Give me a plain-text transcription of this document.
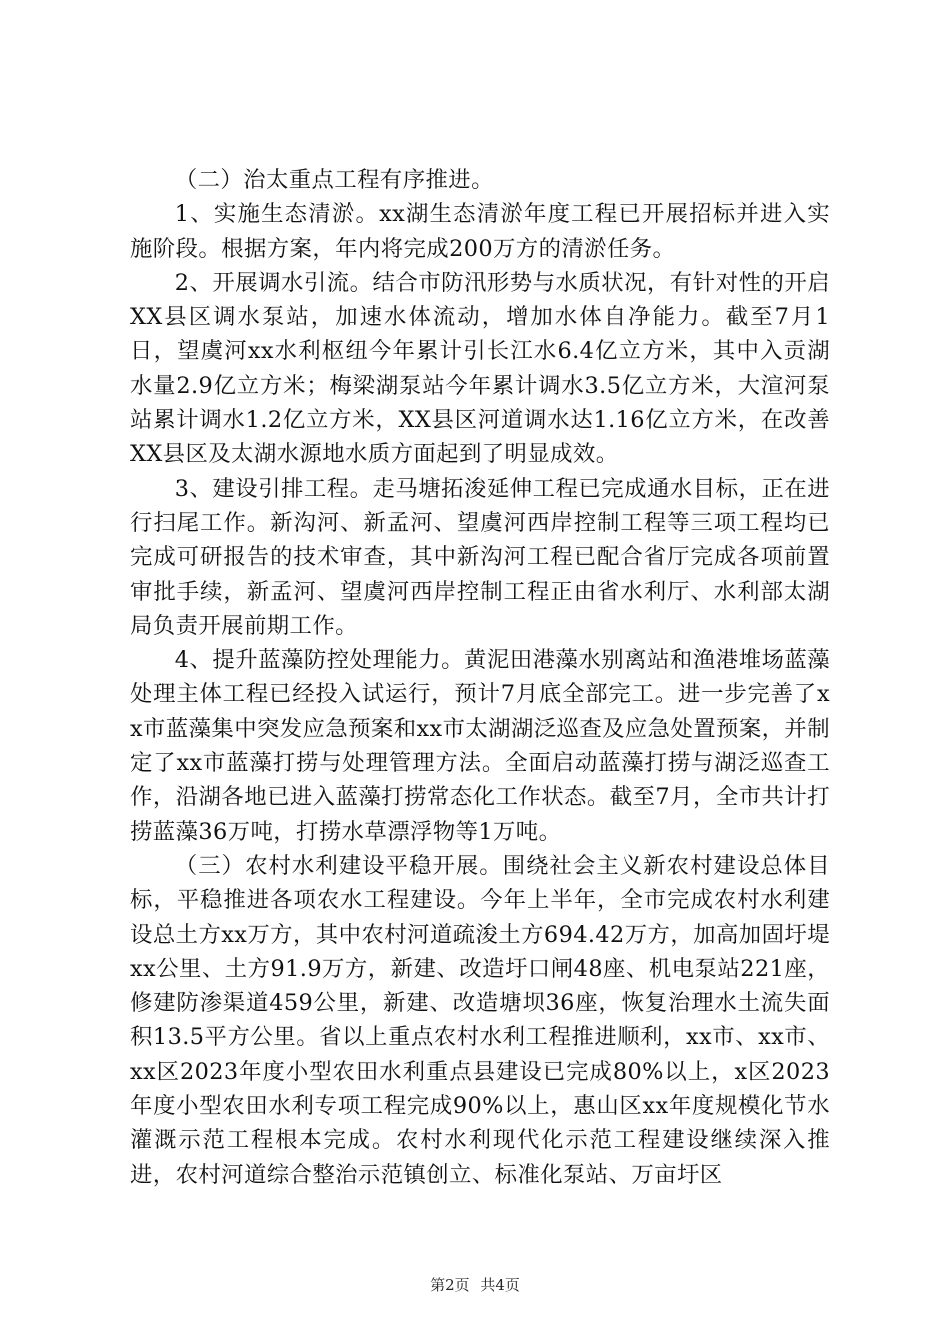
（二）治太重点工程有序推进。

1、实施生态清淤。xx湖生态清淤年度工程已开展招标并进入实施阶段。根据方案，年内将完成200万方的清淤任务。

2、开展调水引流。结合市防汛形势与水质状况，有针对性的开启XX县区调水泵站，加速水体流动，增加水体自净能力。截至7月1日，望虞河xx水利枢纽今年累计引长江水6.4亿立方米，其中入贡湖水量2.9亿立方米；梅梁湖泵站今年累计调水3.5亿立方米，大渲河泵站累计调水1.2亿立方米，XX县区河道调水达1.16亿立方米，在改善XX县区及太湖水源地水质方面起到了明显成效。

3、建设引排工程。走马塘拓浚延伸工程已完成通水目标，正在进行扫尾工作。新沟河、新孟河、望虞河西岸控制工程等三项工程均已完成可研报告的技术审查，其中新沟河工程已配合省厅完成各项前置审批手续，新孟河、望虞河西岸控制工程正由省水利厅、水利部太湖局负责开展前期工作。

4、提升蓝藻防控处理能力。黄泥田港藻水别离站和渔港堆场蓝藻处理主体工程已经投入试运行，预计7月底全部完工。进一步完善了xx市蓝藻集中突发应急预案和xx市太湖湖泛巡查及应急处置预案，并制定了xx市蓝藻打捞与处理管理方法。全面启动蓝藻打捞与湖泛巡查工作，沿湖各地已进入蓝藻打捞常态化工作状态。截至7月，全市共计打捞蓝藻36万吨，打捞水草漂浮物等1万吨。

（三）农村水利建设平稳开展。围绕社会主义新农村建设总体目标，平稳推进各项农水工程建设。今年上半年，全市完成农村水利建设总土方xx万方，其中农村河道疏浚土方694.42万方，加高加固圩堤xx公里、土方91.9万方，新建、改造圩口闸48座、机电泵站221座，修建防渗渠道459公里，新建、改造塘坝36座，恢复治理水土流失面积13.5平方公里。省以上重点农村水利工程推进顺利，xx市、xx市、xx区2023年度小型农田水利重点县建设已完成80%以上，x区2023年度小型农田水利专项工程完成90%以上，惠山区xx年度规模化节水灌溉示范工程根本完成。农村水利现代化示范工程建设继续深入推进，农村河道综合整治示范镇创立、标准化泵站、万亩圩区

第2页 共4页
